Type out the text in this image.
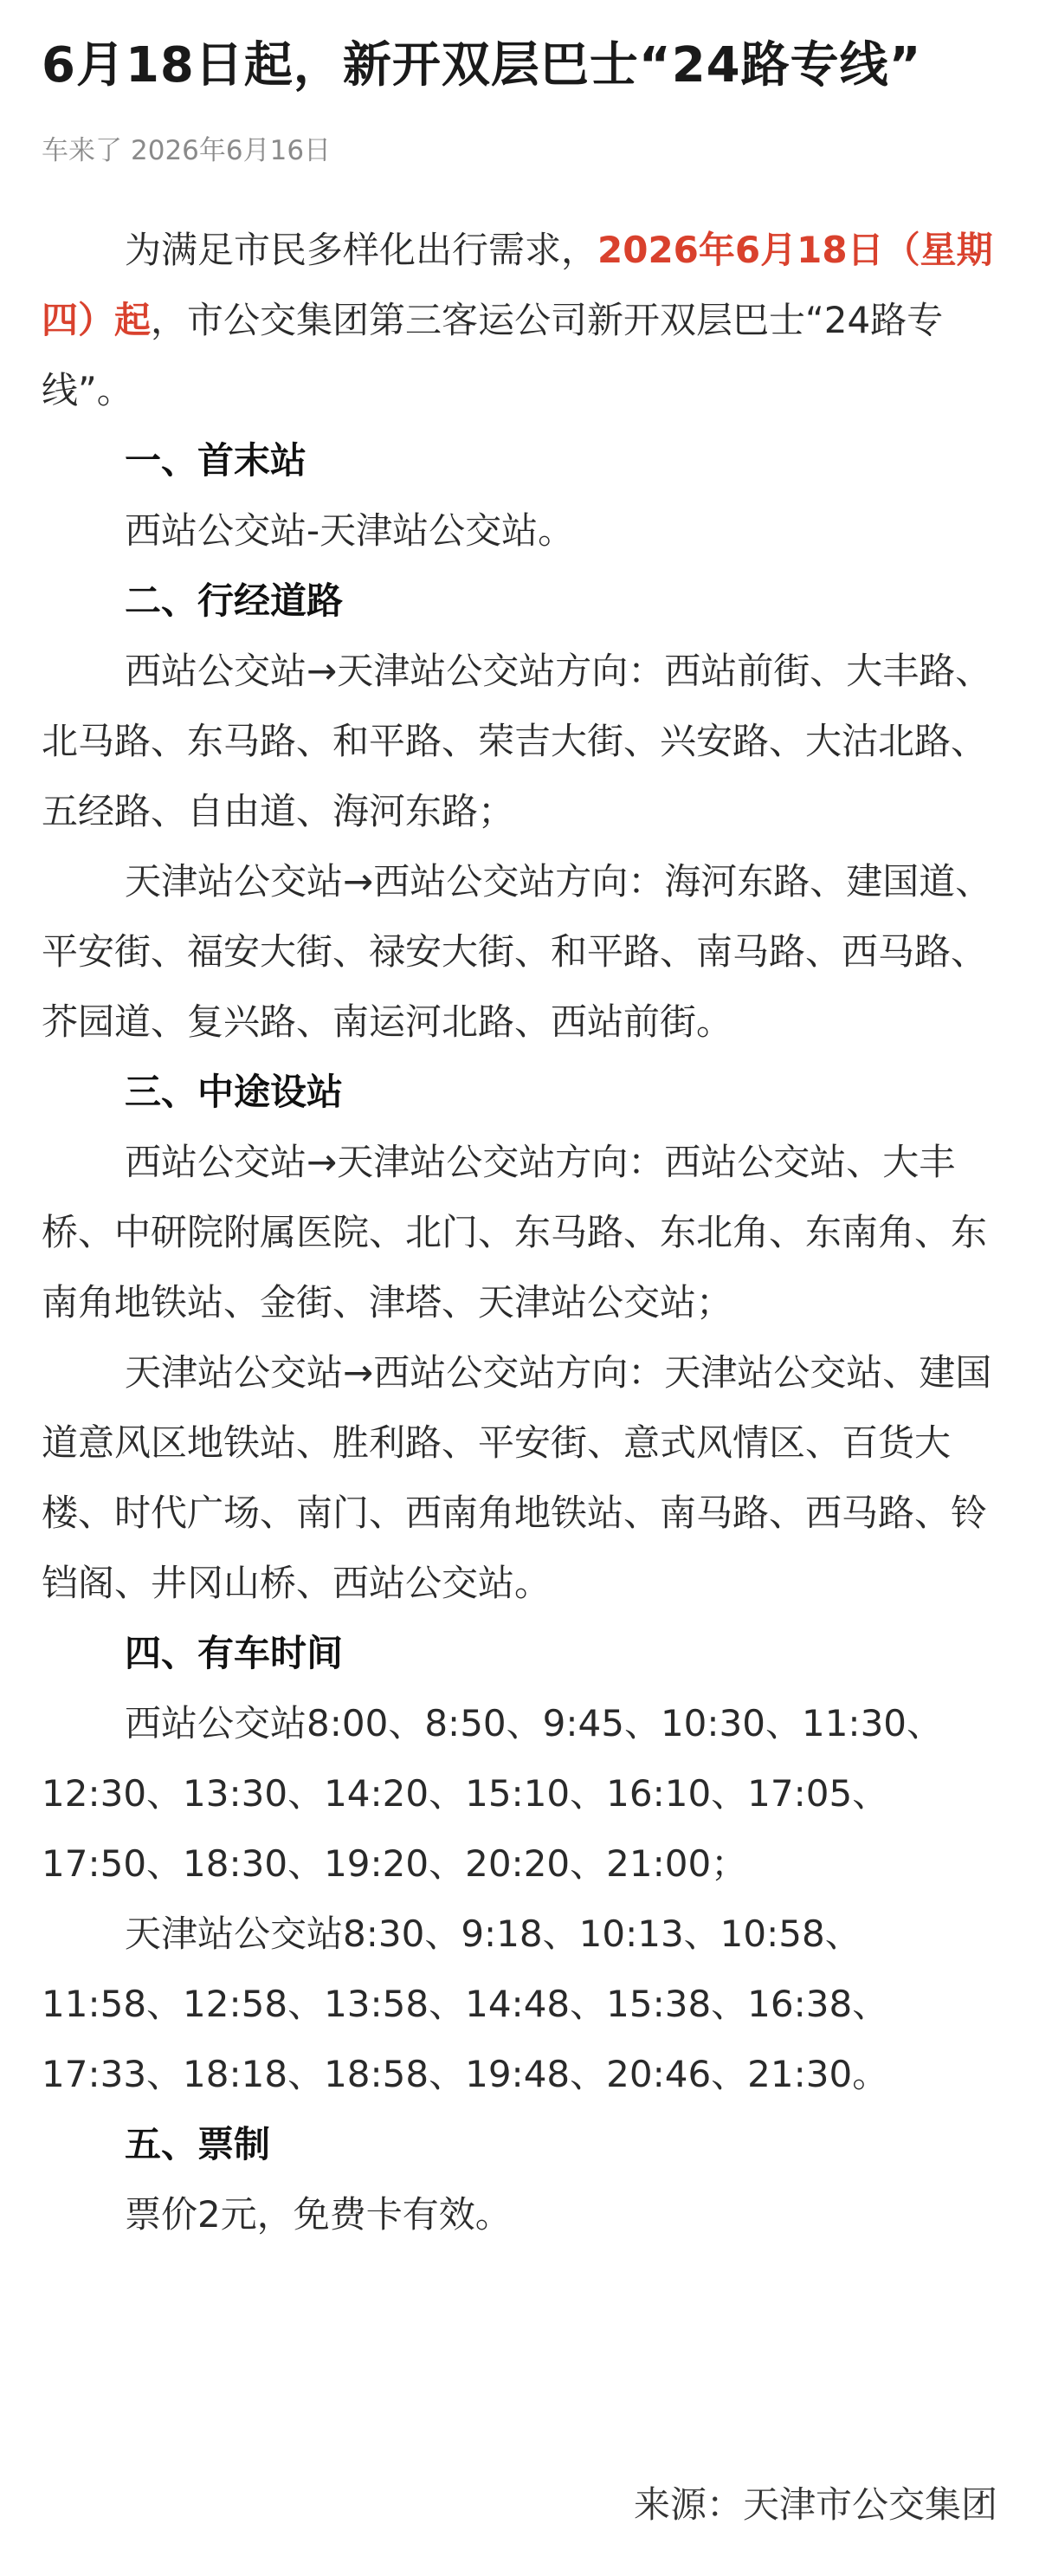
6月18日起，新开双层巴士“24路专线”
车来了 2026年6月16日

为满足市民多样化出行需求，2026年6月18日（星期四）起，市公交集团第三客运公司新开双层巴士“24路专线”。

一、首末站

西站公交站-天津站公交站。

二、行经道路

西站公交站→天津站公交站方向：西站前街、大丰路、北马路、东马路、和平路、荣吉大街、兴安路、大沽北路、五经路、自由道、海河东路；

天津站公交站→西站公交站方向：海河东路、建国道、平安街、福安大街、禄安大街、和平路、南马路、西马路、芥园道、复兴路、南运河北路、西站前街。

三、中途设站

西站公交站→天津站公交站方向：西站公交站、大丰桥、中研院附属医院、北门、东马路、东北角、东南角、东南角地铁站、金街、津塔、天津站公交站；

天津站公交站→西站公交站方向：天津站公交站、建国道意风区地铁站、胜利路、平安街、意式风情区、百货大楼、时代广场、南门、西南角地铁站、南马路、西马路、铃铛阁、井冈山桥、西站公交站。

四、有车时间

西站公交站8:00、8:50、9:45、10:30、11:30、12:30、13:30、14:20、15:10、16:10、17:05、17:50、18:30、19:20、20:20、21:00；

天津站公交站8:30、9:18、10:13、10:58、11:58、12:58、13:58、14:48、15:38、16:38、17:33、18:18、18:58、19:48、20:46、21:30。

五、票制

票价2元，免费卡有效。

来源：天津市公交集团
